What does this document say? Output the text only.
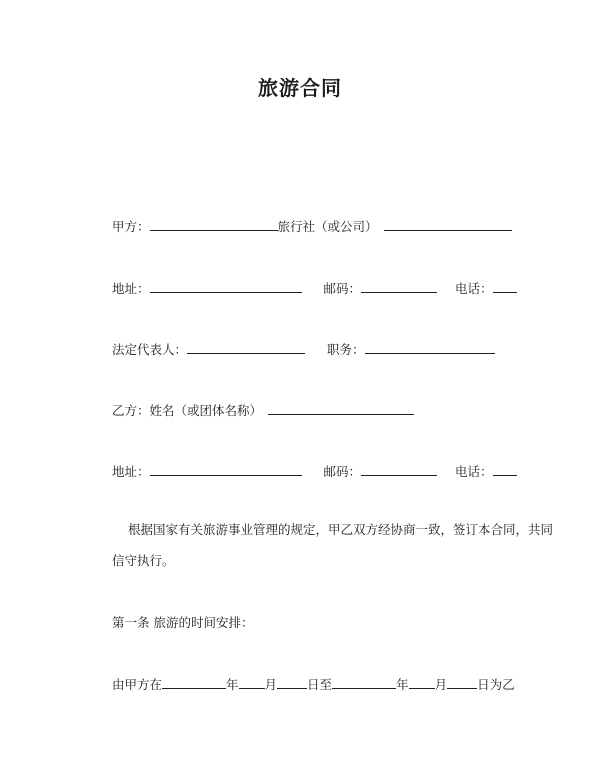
旅游合同
甲方：	旅行社（或公司）
地址：	邮码：	电话：
法定代表人：	职务：
乙方：姓名（或团体名称）
地址：	邮码：	电话：
根据国家有关旅游事业管理的规定，甲乙双方经协商一致，签订本合同，共同
信守执行。
第一条 旅游的时间安排：
由甲方在	年 月 日至	年 月 日为乙
